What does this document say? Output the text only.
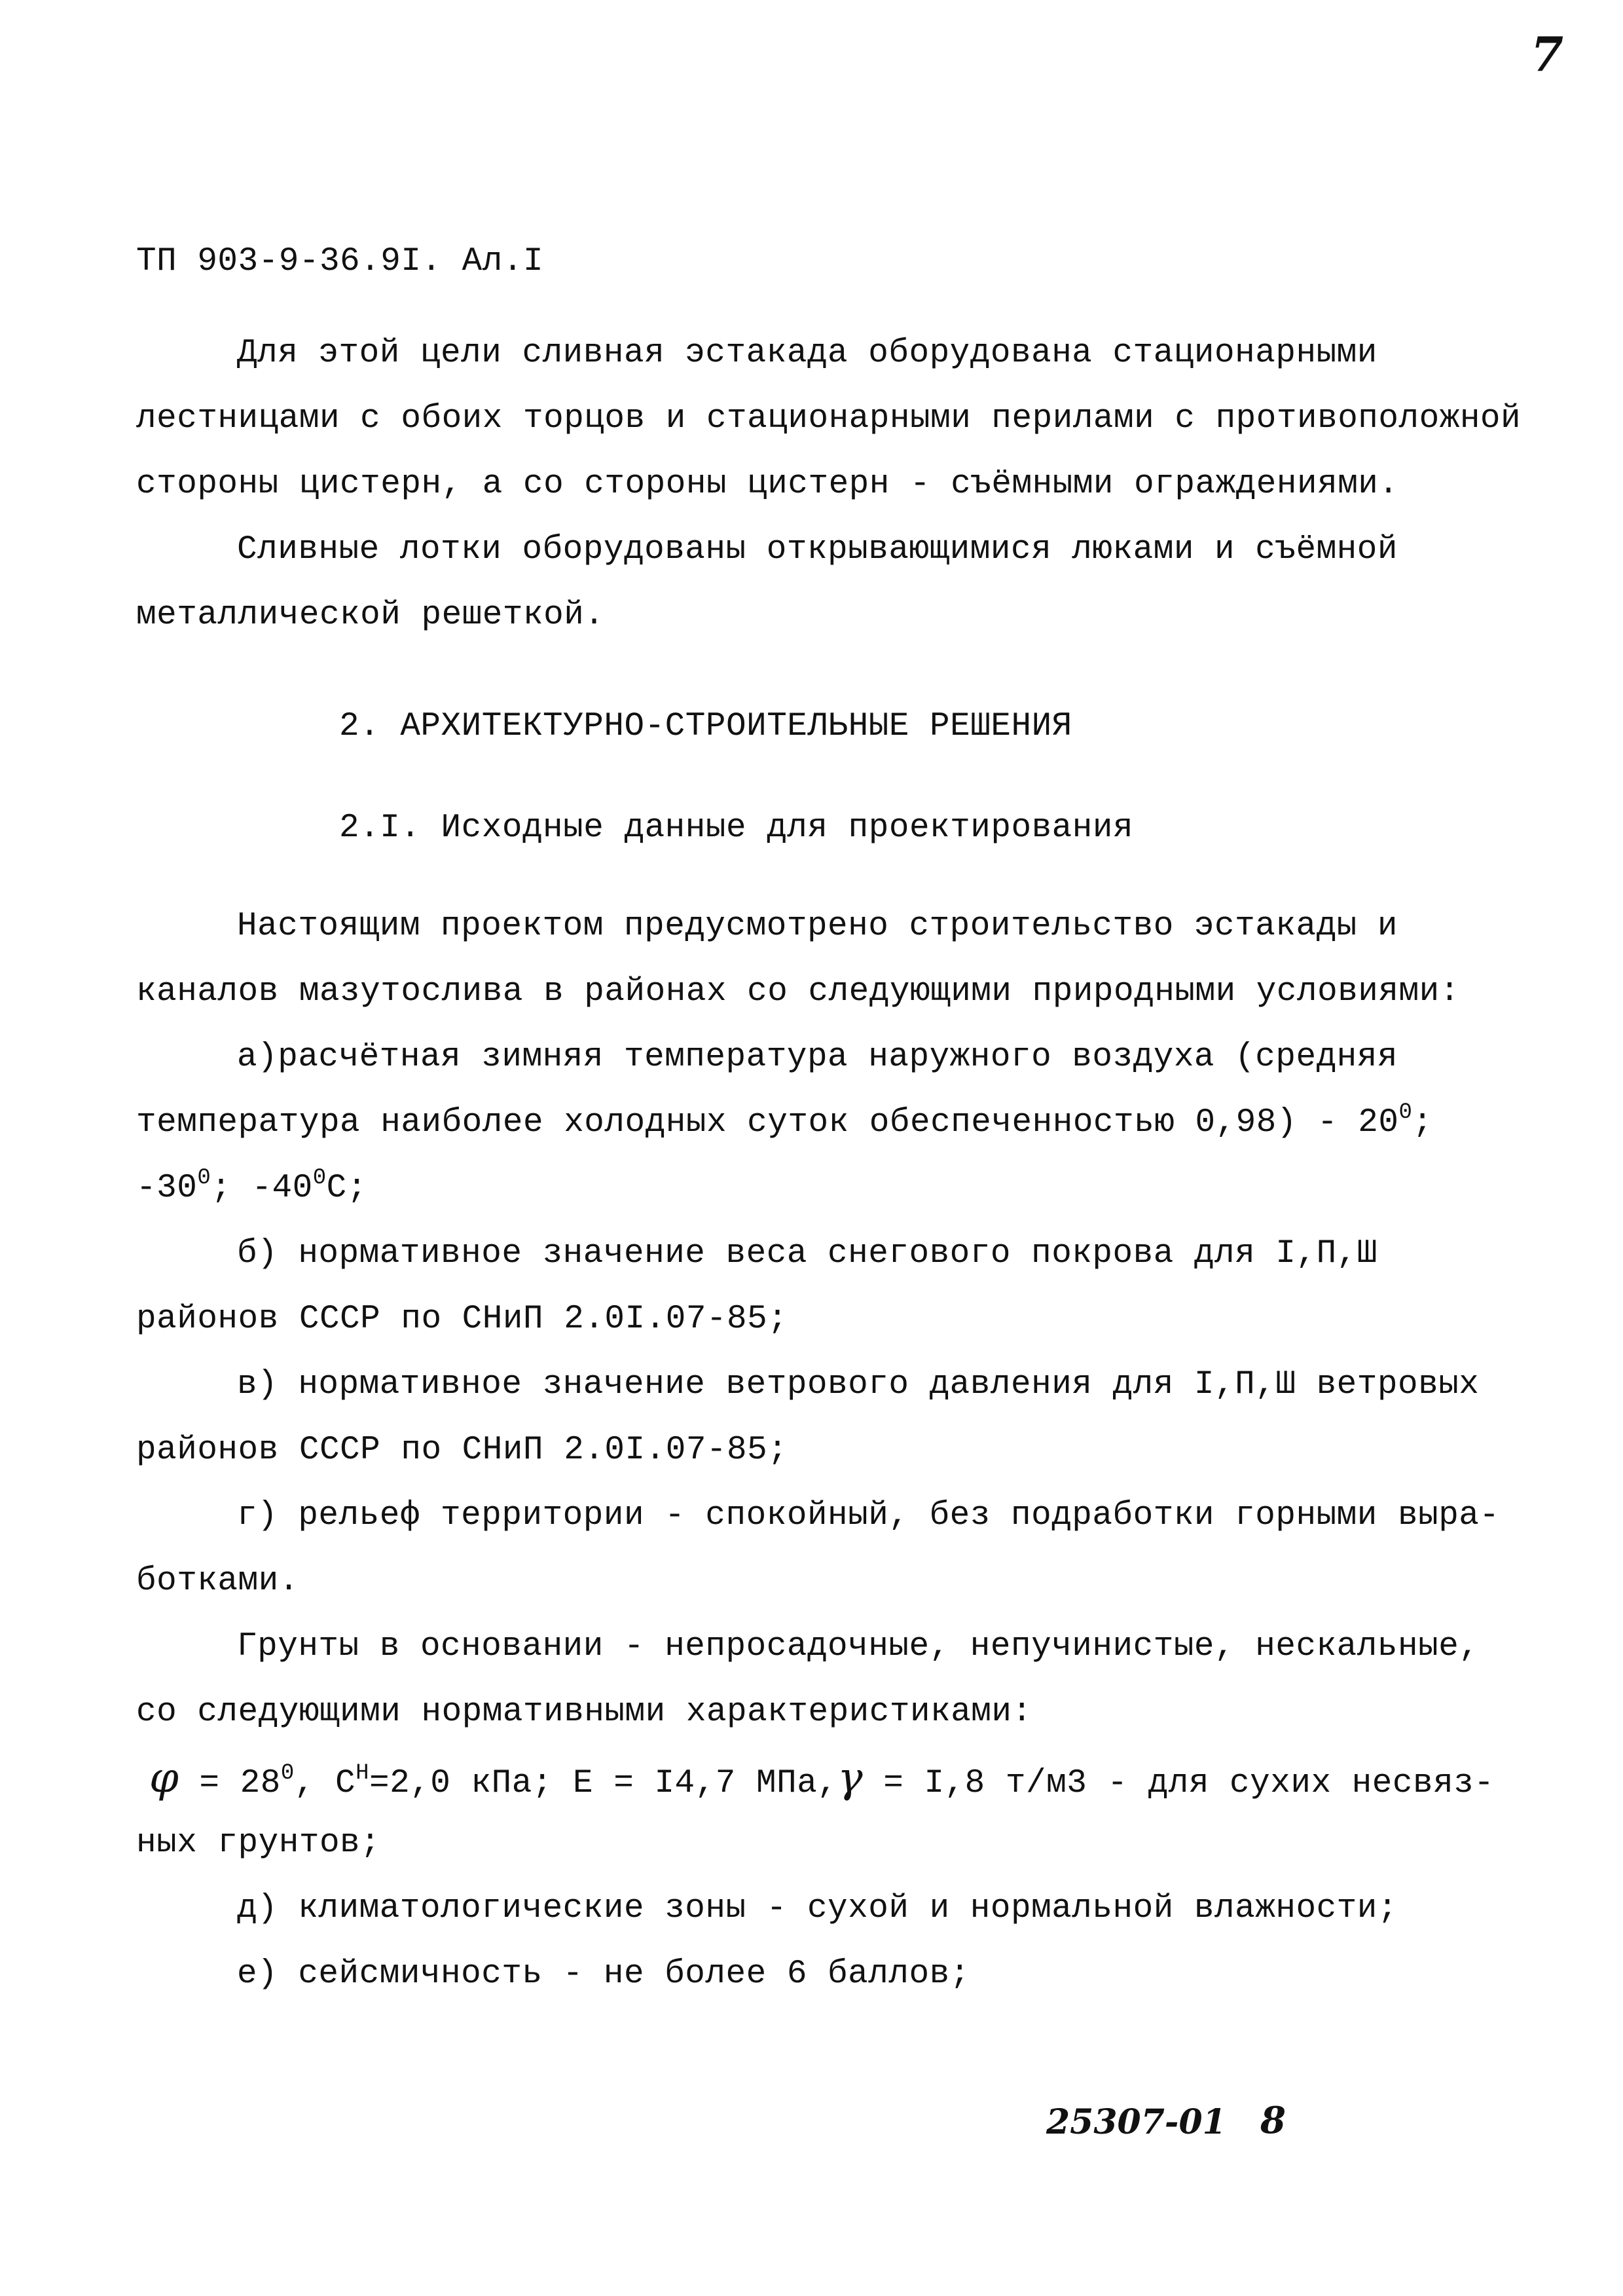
7
ТП 903-9-36.9I. Ал.I
Для этой цели сливная эстакада оборудована стационарными
лестницами с обоих торцов и стационарными перилами с противоположной
стороны цистерн, а со стороны цистерн - съёмными ограждениями.
Сливные лотки оборудованы открывающимися люками и съёмной
металлической решеткой.
2. АРХИТЕКТУРНО-СТРОИТЕЛЬНЫЕ РЕШЕНИЯ
2.I. Исходные данные для проектирования
Настоящим проектом предусмотрено строительство эстакады и
каналов мазутослива в районах со следующими природными условиями:
а)расчётная зимняя температура наружного воздуха (средняя
температура наиболее холодных суток обеспеченностью $0,98) - 20^0$;
$-30^0$; $-40^0С$;
б) нормативное значение веса снегового покрова для I,П,Ш
районов СССР по СНиП 2.0I.07-85;
в) нормативное значение ветрового давления для I,П,Ш ветровых
районов СССР по СНиП 2.0I.07-85;
г) рельеф территории - спокойный, без подработки горными выра-
ботками.
Грунты в основании - непросадочные, непучинистые, нескальные,
со следующими нормативными характеристиками:
$\varphi = 28^0$, $С^Н=2,0$ кПа; Е = I4,7 МПа,γ = I,8 т/м3 - для сухих несвяз-
ных грунтов;
д) климатологические зоны - сухой и нормальной влажности;
е) сейсмичность - не более 6 баллов;
25307-01 8
